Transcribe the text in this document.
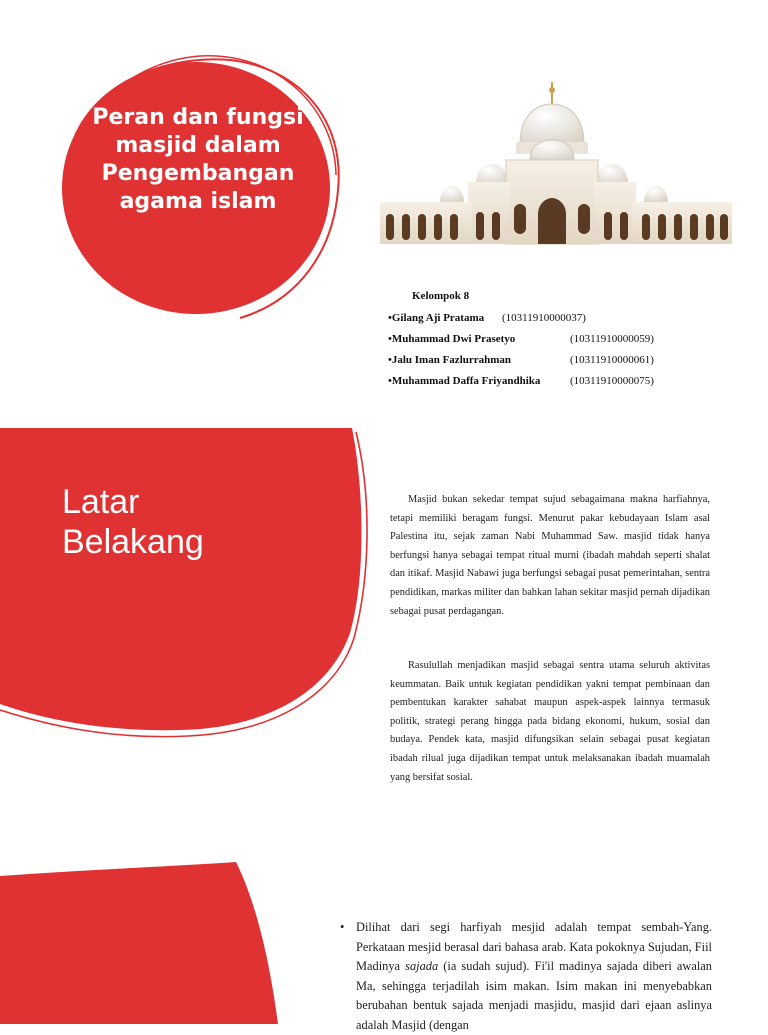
Peran dan fungsi masjid dalam Pengembangan agama islam
Kelompok 8
•Gilang Aji Pratama (10311910000037)
•Muhammad Dwi Prasetyo	(10311910000059)
•Jalu Iman Fazlurrahman	(10311910000061)
•Muhammad Daffa Friyandhika	(10311910000075)
Latar
Belakang

Masjid bukan sekedar tempat sujud sebagaimana makna harfiahnya, tetapi memiliki beragam fungsi. Menurut pakar kebudayaan Islam asal Palestina itu, sejak zaman Nabi Muhammad Saw. masjid tidak hanya berfungsi hanya sebagai tempat ritual murni (ibadah mahdah seperti shalat dan itikaf. Masjid Nabawi juga berfungsi sebagai pusat pemerintahan, sentra pendidikan, markas militer dan bahkan lahan sekitar masjid pernah dijadikan sebagai pusat perdagangan.

Rasulullah menjadikan masjid sebagai sentra utama seluruh aktivitas keummatan. Baik untuk kegiatan pendidikan yakni tempat pembinaan dan pembentukan karakter sahabat maupun aspek-aspek lainnya termasuk politik, strategi perang hingga pada bidang ekonomi, hukum, sosial dan budaya. Pendek kata, masjid difungsikan selain sebagai pusat kegiatan ibadah rilual juga dijadikan tempat untuk melaksanakan ibadah muamalah yang bersifat sosial.

• Dilihat dari segi harfiyah mesjid adalah tempat sembah-Yang. Perkataan mesjid berasal dari bahasa arab. Kata pokoknya Sujudan, Fiil Madinya sajada (ia sudah sujud). Fi'il madinya sajada diberi awalan Ma, sehingga terjadilah isim makan. Isim makan ini menyebabkan berubahan bentuk sajada menjadi masjidu, masjid dari ejaan aslinya adalah Masjid (dengan
